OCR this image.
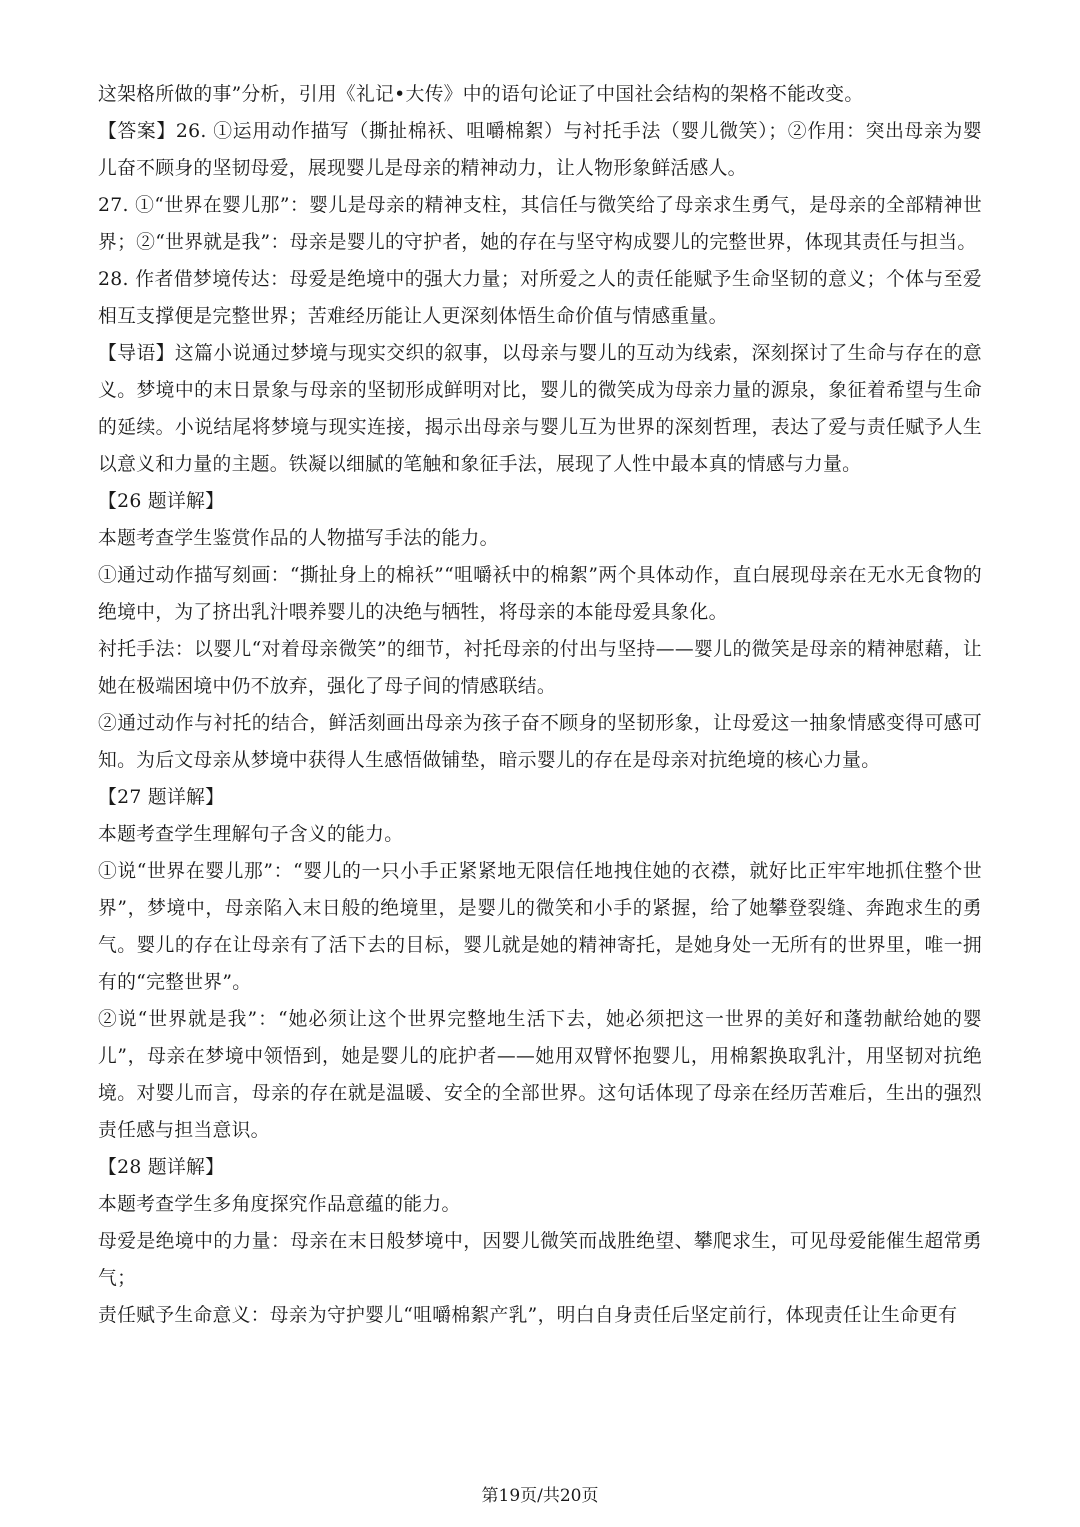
这架格所做的事”分析，引用《礼记•大传》中的语句论证了中国社会结构的架格不能改变。

【答案】26. ①运用动作描写（撕扯棉袄、咀嚼棉絮）与衬托手法（婴儿微笑）；②作用：突出母亲为婴儿奋不顾身的坚韧母爱，展现婴儿是母亲的精神动力，让人物形象鲜活感人。

27. ①“世界在婴儿那”：婴儿是母亲的精神支柱，其信任与微笑给了母亲求生勇气，是母亲的全部精神世界；②“世界就是我”：母亲是婴儿的守护者，她的存在与坚守构成婴儿的完整世界，体现其责任与担当。

28. 作者借梦境传达：母爱是绝境中的强大力量；对所爱之人的责任能赋予生命坚韧的意义；个体与至爱相互支撑便是完整世界；苦难经历能让人更深刻体悟生命价值与情感重量。

【导语】这篇小说通过梦境与现实交织的叙事，以母亲与婴儿的互动为线索，深刻探讨了生命与存在的意义。梦境中的末日景象与母亲的坚韧形成鲜明对比，婴儿的微笑成为母亲力量的源泉，象征着希望与生命的延续。小说结尾将梦境与现实连接，揭示出母亲与婴儿互为世界的深刻哲理，表达了爱与责任赋予人生以意义和力量的主题。铁凝以细腻的笔触和象征手法，展现了人性中最本真的情感与力量。

【26 题详解】

本题考查学生鉴赏作品的人物描写手法的能力。

①通过动作描写刻画：“撕扯身上的棉袄”“咀嚼袄中的棉絮”两个具体动作，直白展现母亲在无水无食物的绝境中，为了挤出乳汁喂养婴儿的决绝与牺牲，将母亲的本能母爱具象化。

衬托手法：以婴儿“对着母亲微笑”的细节，衬托母亲的付出与坚持——婴儿的微笑是母亲的精神慰藉，让她在极端困境中仍不放弃，强化了母子间的情感联结。

②通过动作与衬托的结合，鲜活刻画出母亲为孩子奋不顾身的坚韧形象，让母爱这一抽象情感变得可感可知。为后文母亲从梦境中获得人生感悟做铺垫，暗示婴儿的存在是母亲对抗绝境的核心力量。

【27 题详解】

本题考查学生理解句子含义的能力。

①说“世界在婴儿那”：“婴儿的一只小手正紧紧地无限信任地拽住她的衣襟，就好比正牢牢地抓住整个世界”，梦境中，母亲陷入末日般的绝境里，是婴儿的微笑和小手的紧握，给了她攀登裂缝、奔跑求生的勇气。婴儿的存在让母亲有了活下去的目标，婴儿就是她的精神寄托，是她身处一无所有的世界里，唯一拥有的“完整世界”。

②说“世界就是我”：“她必须让这个世界完整地生活下去，她必须把这一世界的美好和蓬勃献给她的婴儿”，母亲在梦境中领悟到，她是婴儿的庇护者——她用双臂怀抱婴儿，用棉絮换取乳汁，用坚韧对抗绝境。对婴儿而言，母亲的存在就是温暖、安全的全部世界。这句话体现了母亲在经历苦难后，生出的强烈责任感与担当意识。

【28 题详解】

本题考查学生多角度探究作品意蕴的能力。

母爱是绝境中的力量：母亲在末日般梦境中，因婴儿微笑而战胜绝望、攀爬求生，可见母爱能催生超常勇气；

责任赋予生命意义：母亲为守护婴儿“咀嚼棉絮产乳”，明白自身责任后坚定前行，体现责任让生命更有

第19页/共20页
